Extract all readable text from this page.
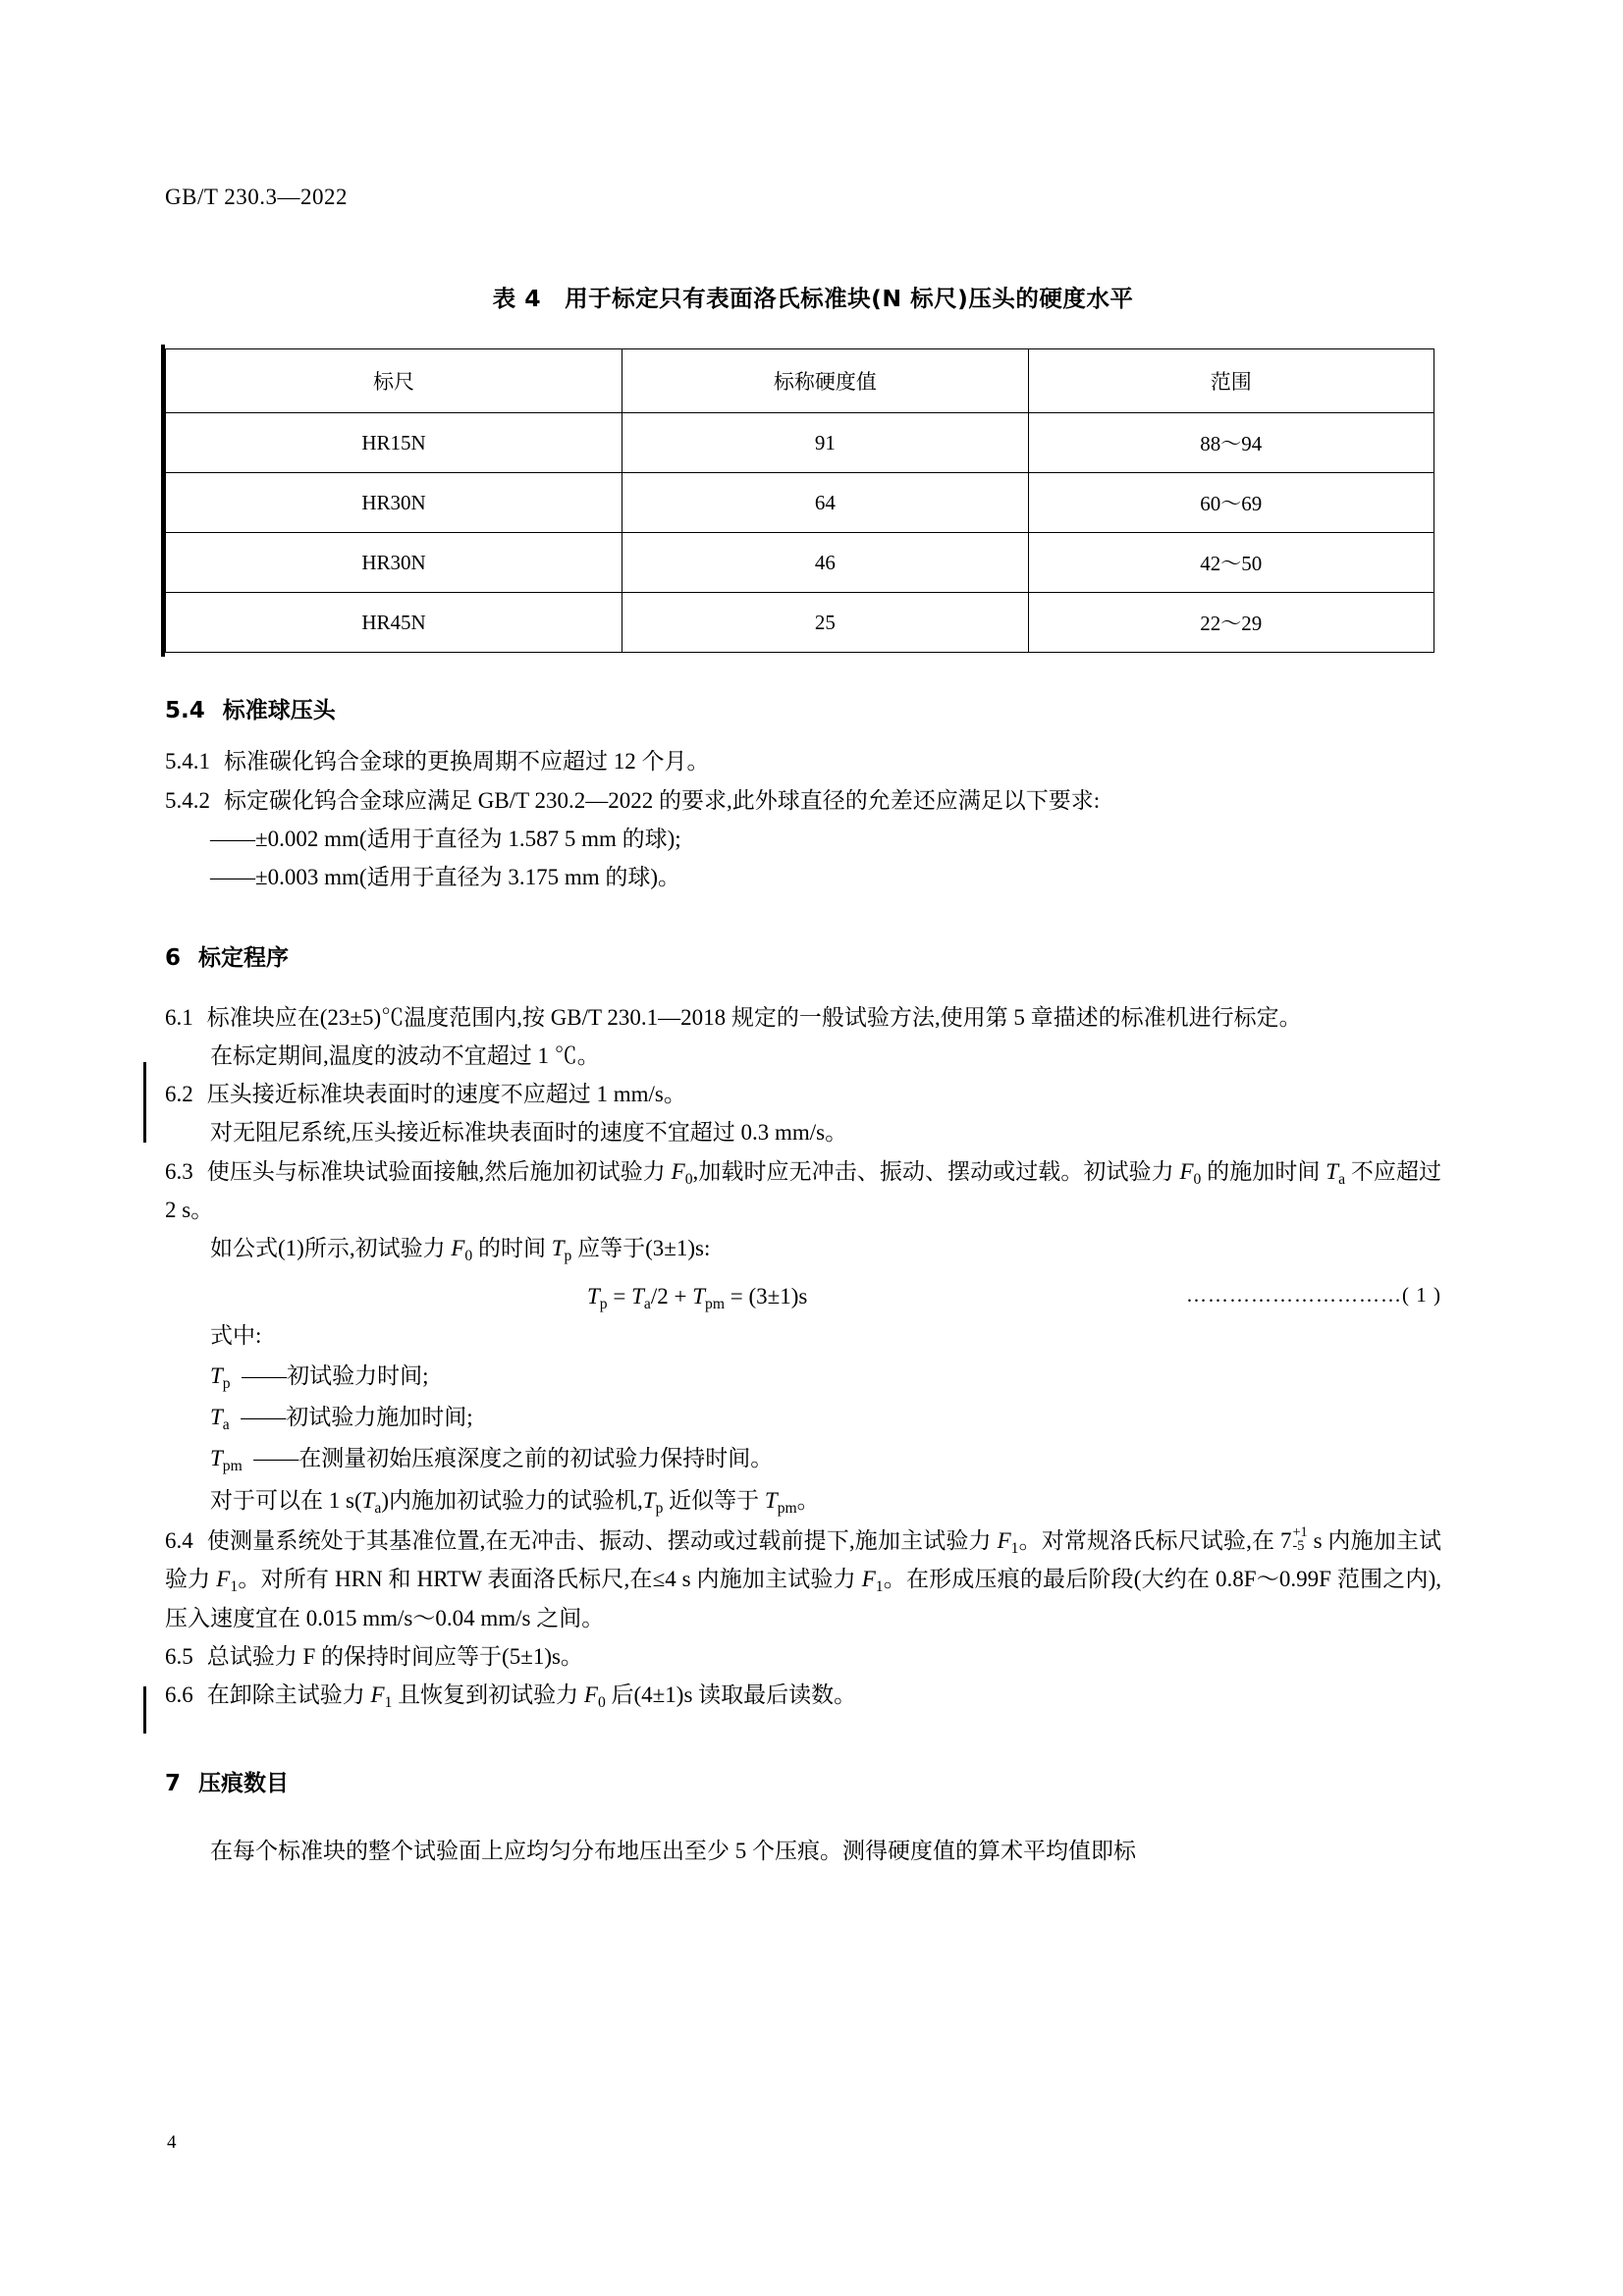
GB/T 230.3—2022
表 4　用于标定只有表面洛氏标准块(N 标尺)压头的硬度水平
标尺	标称硬度值	范围
HR15N	91	88～94
HR30N	64	60～69
HR30N	46	42～50
HR45N	25	22～29
5.4 标准球压头
5.4.1 标准碳化钨合金球的更换周期不应超过 12 个月。
5.4.2 标定碳化钨合金球应满足 GB/T 230.2—2022 的要求,此外球直径的允差还应满足以下要求:
——±0.002 mm(适用于直径为 1.587 5 mm 的球);
——±0.003 mm(适用于直径为 3.175 mm 的球)。
6 标定程序
6.1 标准块应在(23±5)℃温度范围内,按 GB/T 230.1—2018 规定的一般试验方法,使用第 5 章描述的标准机进行标定。
在标定期间,温度的波动不宜超过 1 ℃。
6.2 压头接近标准块表面时的速度不应超过 1 mm/s。
对无阻尼系统,压头接近标准块表面时的速度不宜超过 0.3 mm/s。
6.3 使压头与标准块试验面接触,然后施加初试验力 $F_0$,加载时应无冲击、振动、摆动或过载。初试验力 $F_0$ 的施加时间 $T_a$ 不应超过 2 s。
如公式(1)所示,初试验力 $F_0$ 的时间 $T_p$ 应等于(3±1)s:
$T_p = T_a/2 + T_{pm} = (3\pm 1)s$	…………………………( 1 )
式中:
$T_p$ ——初试验力时间;
$T_a$ ——初试验力施加时间;
$T_{pm}$ ——在测量初始压痕深度之前的初试验力保持时间。
对于可以在 1 $s(T_a)$内施加初试验力的试验机$,T_p$ 近似等于 $T_{pm}$。
6.4 使测量系统处于其基准位置,在无冲击、振动、摆动或过载前提下,施加主试验力 $F_1$。对常规洛氏标尺试验,在 7 +1
-5 s 内施加主试验力 $F_1$。对所有 HRN 和 HRTW 表面洛氏标尺,在≤4 s 内施加主试验力 $F_1$。在形成压痕的最后阶段(大约在 0.8F～0.99F 范围之内),压入速度宜在 0.015 mm/s～0.04 mm/s 之间。
6.5 总试验力 F 的保持时间应等于(5±1)s。
6.6 在卸除主试验力 $F_1$ 且恢复到初试验力 $F_0$ 后(4±1)s 读取最后读数。
7 压痕数目
在每个标准块的整个试验面上应均匀分布地压出至少 5 个压痕。测得硬度值的算术平均值即标
4
